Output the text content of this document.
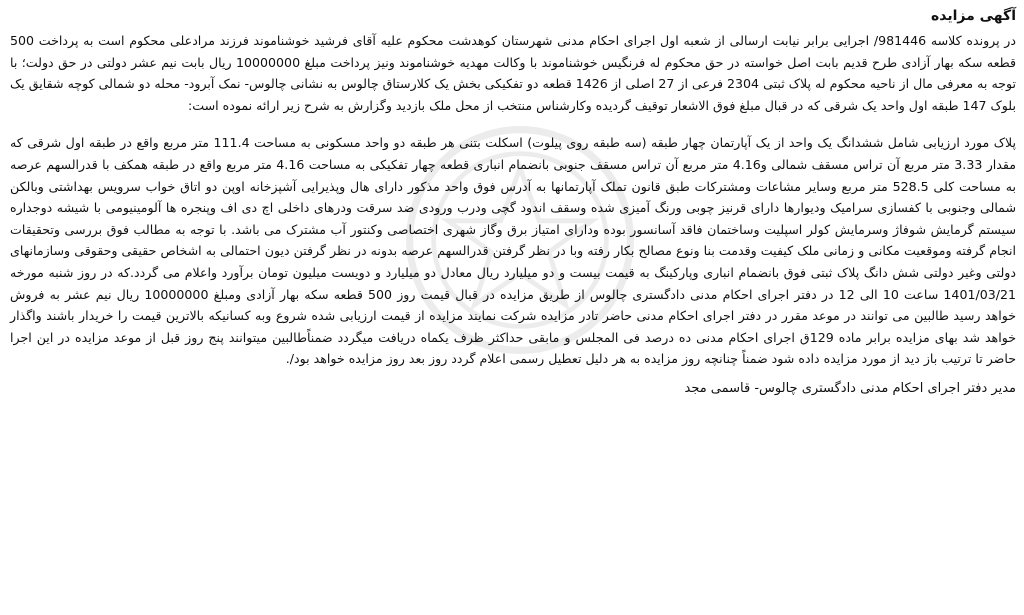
آگهی مزایده

در پرونده کلاسه 981446/ اجرایی برابر نیابت ارسالی از شعبه اول اجرای احکام مدنی شهرستان کوهدشت محکوم علیه آقای فرشید خوشناموند فرزند مرادعلی محکوم است به پرداخت 500 قطعه سکه بهار آزادی طرح قدیم بابت اصل خواسته در حق محکوم له فرنگیس خوشناموند با وکالت مهدیه خوشناموند ونیز پرداخت مبلغ 10000000 ریال بابت نیم عشر دولتی در حق دولت؛ با توجه به معرفی مال از ناحیه محکوم له پلاک ثبتی 2304 فرعی از 27 اصلی از 1426 قطعه دو تفکیکی بخش یک کلارستاق چالوس به نشانی چالوس- نمک آبرود- محله دو شمالی کوچه شقایق یک بلوک 147 طبقه اول واحد یک شرقی که در قبال مبلغ فوق الاشعار توقیف گردیده وکارشناس منتخب از محل ملک بازدید وگزارش به شرح زیر ارائه نموده است:

پلاک مورد ارزیابی شامل ششدانگ یک واحد از یک آپارتمان چهار طبقه (سه طبقه روی پیلوت) اسکلت بتنی هر طبقه دو واحد مسکونی به مساحت 111.4 متر مربع واقع در طبقه اول شرقی که مقدار 3.33 متر مربع آن تراس مسقف شمالی و4.16 متر مربع آن تراس مسقف جنوبی بانضمام انباری قطعه چهار تفکیکی به مساحت 4.16 متر مربع واقع در طبقه همکف با قدرالسهم عرصه به مساحت کلی 528.5 متر مربع وسایر مشاعات ومشترکات طبق قانون تملک آپارتمانها به آدرس فوق واحد مذکور دارای هال وپذیرایی آشپزخانه اوپن دو اتاق خواب سرویس بهداشتی وبالکن شمالی وجنوبی با کفسازی سرامیک ودیوارها دارای قرنیز چوبی ورنگ آمیزی شده وسقف اندود گچی ودرب ورودی ضد سرقت ودرهای داخلی اچ دی اف وپنجره ها آلومینیومی با شیشه دوجداره سیستم گرمایش شوفاژ وسرمایش کولر اسپلیت وساختمان فاقد آسانسور بوده ودارای امتیاز برق وگاز شهری اختصاصی وکنتور آب مشترک می باشد. با توجه به مطالب فوق بررسی وتحقیقات انجام گرفته وموقعیت مکانی و زمانی ملک کیفیت وقدمت بنا ونوع مصالح بکار رفته وبا در نظر گرفتن قدرالسهم عرصه بدونه در نظر گرفتن دیون احتمالی به اشخاص حقیقی وحقوقی وسازمانهای دولتی وغیر دولتی شش دانگ پلاک ثبتی فوق بانضمام انباری وپارکینگ به قیمت بیست و دو میلیارد ریال معادل دو میلیارد و دویست میلیون تومان برآورد واعلام می گردد.که در روز شنبه مورخه 1401/03/21 ساعت 10 الی 12 در دفتر اجرای احکام مدنی دادگستری چالوس از طریق مزایده در قبال قیمت روز 500 قطعه سکه بهار آزادی ومبلغ 10000000 ریال نیم عشر به فروش خواهد رسید طالبین می توانند در موعد مقرر در دفتر اجرای احکام مدنی حاضر تادر مزایده شرکت نمایند مزایده از قیمت ارزیابی شده شروع وبه کسانیکه بالاترین قیمت را خریدار باشند واگذار خواهد شد بهای مزایده برابر ماده 129ق اجرای احکام مدنی ده درصد فی المجلس و مابقی حداکثر ظرف یکماه دریافت میگردد ضمناًطالبین میتوانند پنج روز قبل از موعد مزایده در این اجرا حاضر تا ترتیب باز دید از مورد مزایده داده شود ضمناً چنانچه روز مزایده به هر دلیل تعطیل رسمی اعلام گردد روز بعد روز مزایده خواهد بود/.

مدیر دفتر اجرای احکام مدنی دادگستری چالوس- قاسمی مجد
